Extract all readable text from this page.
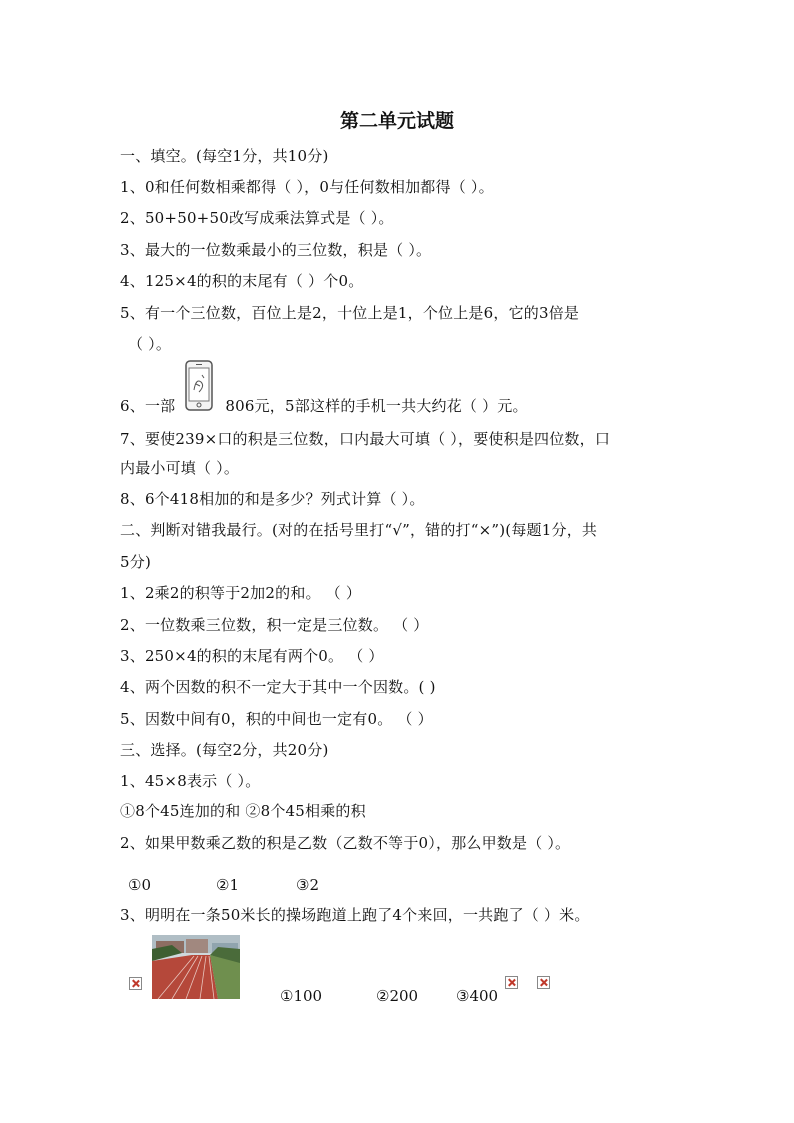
第二单元试题
一、填空。(每空1分，共10分)
1、0和任何数相乘都得（ ），0与任何数相加都得（ ）。
2、50+50+50改写成乘法算式是（ ）。
3、最大的一位数乘最小的三位数，积是（ ）。
4、125×4的积的末尾有（ ）个0。
5、有一个三位数，百位上是2，十位上是1，个位上是6，它的3倍是
（ ）。
6、一部	806元，5部这样的手机一共大约花（ ）元。
7、要使239×口的积是三位数，口内最大可填（ ），要使积是四位数，口
内最小可填（ ）。
8、6个418相加的和是多少？列式计算（ ）。
二、判断对错我最行。(对的在括号里打“√”，错的打“×”)(每题1分，共
5分)
1、2乘2的积等于2加2的和。 （ ）
2、一位数乘三位数，积一定是三位数。 （ ）
3、250×4的积的末尾有两个0。 （ ）
4、两个因数的积不一定大于其中一个因数。( )
5、因数中间有0，积的中间也一定有0。 （ ）
三、选择。(每空2分，共20分)
1、45×8表示（ ）。
①8个45连加的和 ②8个45相乘的积
2、如果甲数乘乙数的积是乙数（乙数不等于0），那么甲数是（ ）。
①0	②1	③2
3、明明在一条50米长的操场跑道上跑了4个来回，一共跑了（ ）米。
①100	②200	③400
